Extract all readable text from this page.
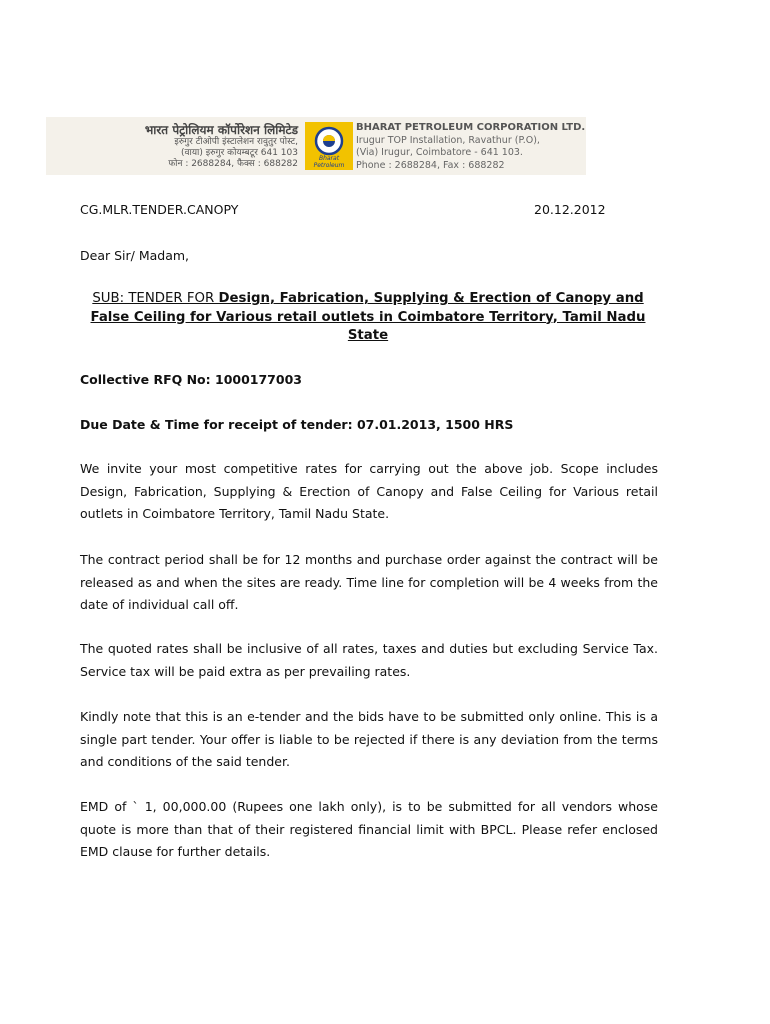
भारत पेट्रोलियम कॉर्पोरेशन लिमिटेड
इरुगुर टीओपी इंस्टालेशन रावुतुर पोस्ट,
(वाया) इरुगुर कोयम्बटूर 641 103
फोन : 2688284, फैक्स : 688282
Bharat
Petroleum
BHARAT PETROLEUM CORPORATION LTD.
Irugur TOP Installation, Ravathur (P.O),
(Via) Irugur, Coimbatore - 641 103.
Phone : 2688284, Fax : 688282
CG.MLR.TENDER.CANOPY	20.12.2012
Dear Sir/ Madam,
SUB: TENDER FOR Design, Fabrication, Supplying & Erection of Canopy and False Ceiling for Various retail outlets in Coimbatore Territory, Tamil Nadu State
Collective RFQ No: 1000177003
Due Date & Time for receipt of tender: 07.01.2013, 1500 HRS
We invite your most competitive rates for carrying out the above job. Scope includes Design, Fabrication, Supplying & Erection of Canopy and False Ceiling for Various retail outlets in Coimbatore Territory, Tamil Nadu State.
The contract period shall be for 12 months and purchase order against the contract will be released as and when the sites are ready. Time line for completion will be 4 weeks from the date of individual call off.
The quoted rates shall be inclusive of all rates, taxes and duties but excluding Service Tax. Service tax will be paid extra as per prevailing rates.
Kindly note that this is an e-tender and the bids have to be submitted only online. This is a single part tender. Your offer is liable to be rejected if there is any deviation from the terms and conditions of the said tender.
EMD of ` 1, 00,000.00 (Rupees one lakh only), is to be submitted for all vendors whose quote is more than that of their registered financial limit with BPCL. Please refer enclosed EMD clause for further details.
